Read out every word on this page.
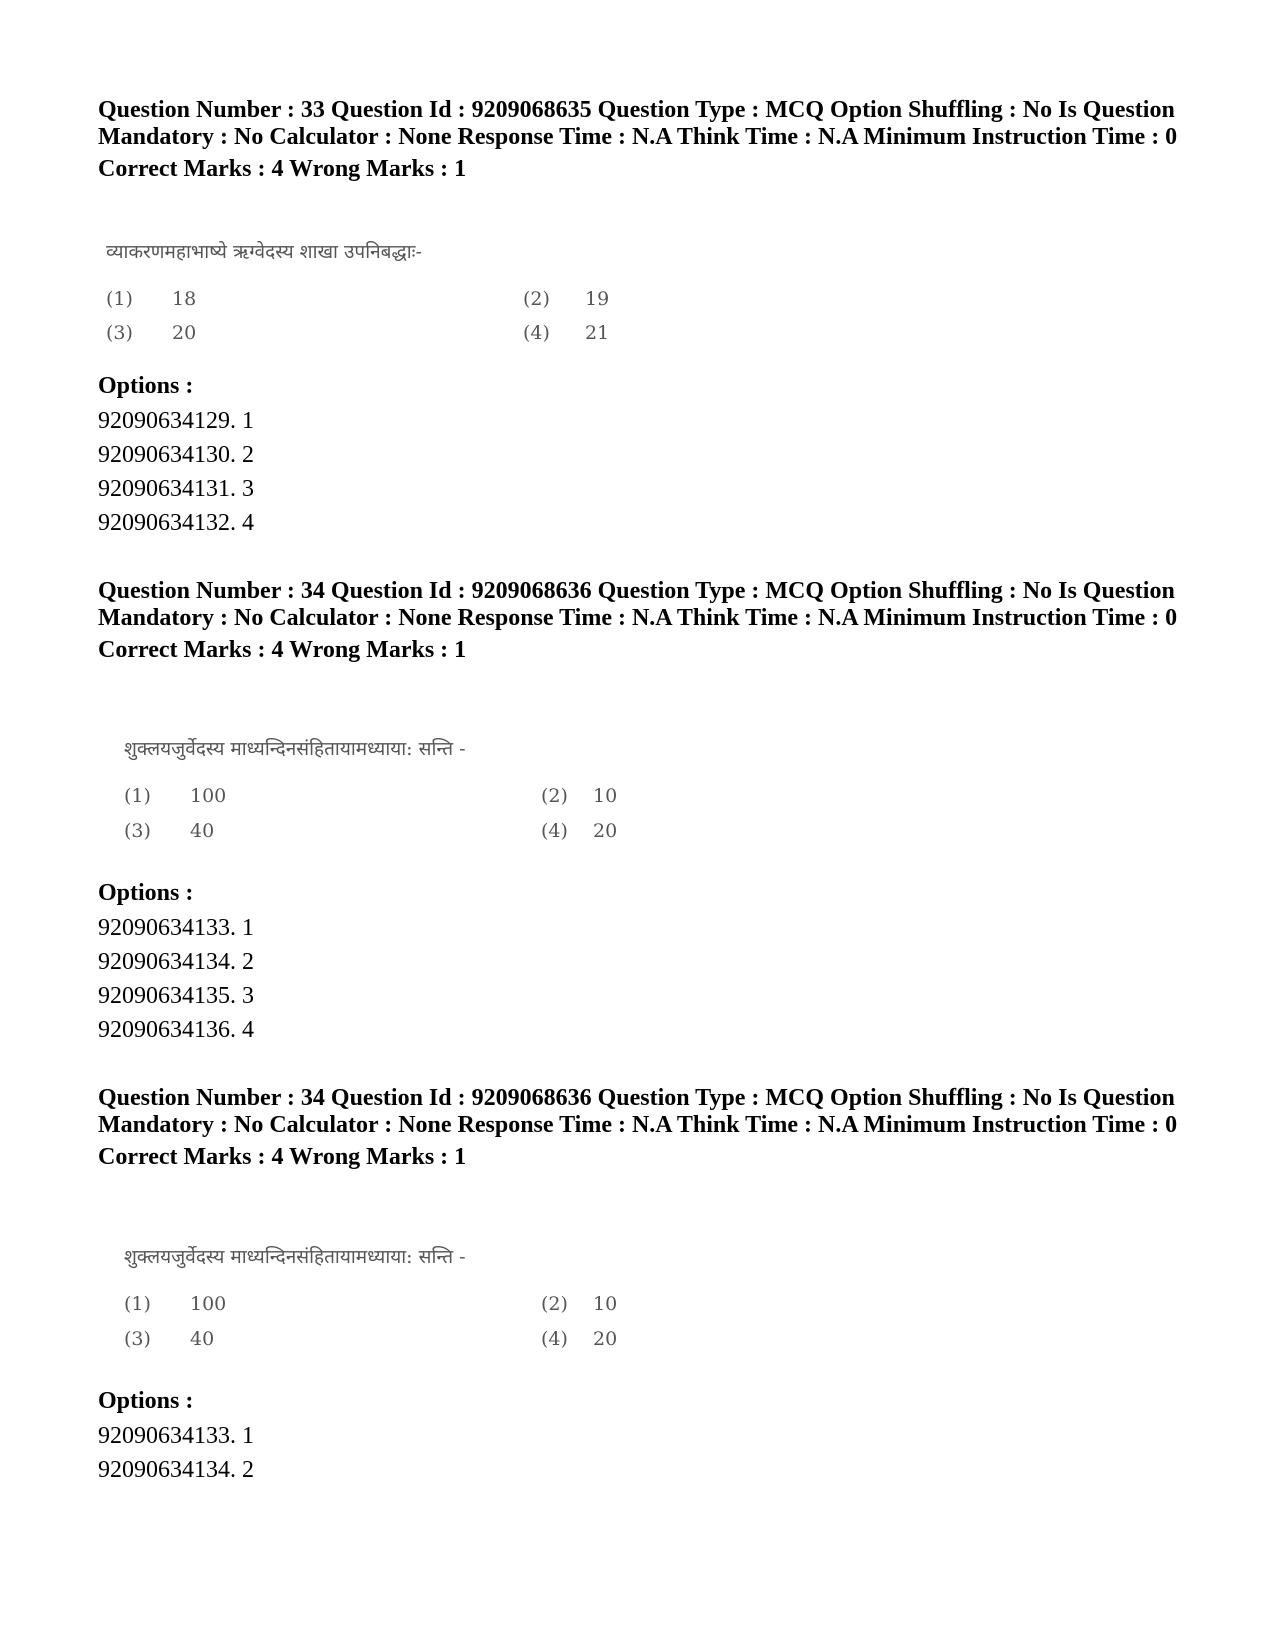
Question Number : 33 Question Id : 9209068635 Question Type : MCQ Option Shuffling : No Is Question Mandatory : No Calculator : None Response Time : N.A Think Time : N.A Minimum Instruction Time : 0

Correct Marks : 4 Wrong Marks : 1

व्याकरणमहाभाष्ये ऋग्वेदस्य शाखा उपनिबद्धाः-
(1) 18	(2) 19
(3) 20	(4) 21

Options :

92090634129. 1

92090634130. 2

92090634131. 3

92090634132. 4

Question Number : 34 Question Id : 9209068636 Question Type : MCQ Option Shuffling : No Is Question Mandatory : No Calculator : None Response Time : N.A Think Time : N.A Minimum Instruction Time : 0

Correct Marks : 4 Wrong Marks : 1

शुक्लयजुर्वेदस्य माध्यन्दिनसंहितायामध्याया: सन्ति -
(1) 100	(2) 10
(3) 40	(4) 20

Options :

92090634133. 1

92090634134. 2

92090634135. 3

92090634136. 4

Question Number : 34 Question Id : 9209068636 Question Type : MCQ Option Shuffling : No Is Question Mandatory : No Calculator : None Response Time : N.A Think Time : N.A Minimum Instruction Time : 0

Correct Marks : 4 Wrong Marks : 1

शुक्लयजुर्वेदस्य माध्यन्दिनसंहितायामध्याया: सन्ति -
(1) 100	(2) 10
(3) 40	(4) 20

Options :

92090634133. 1

92090634134. 2
